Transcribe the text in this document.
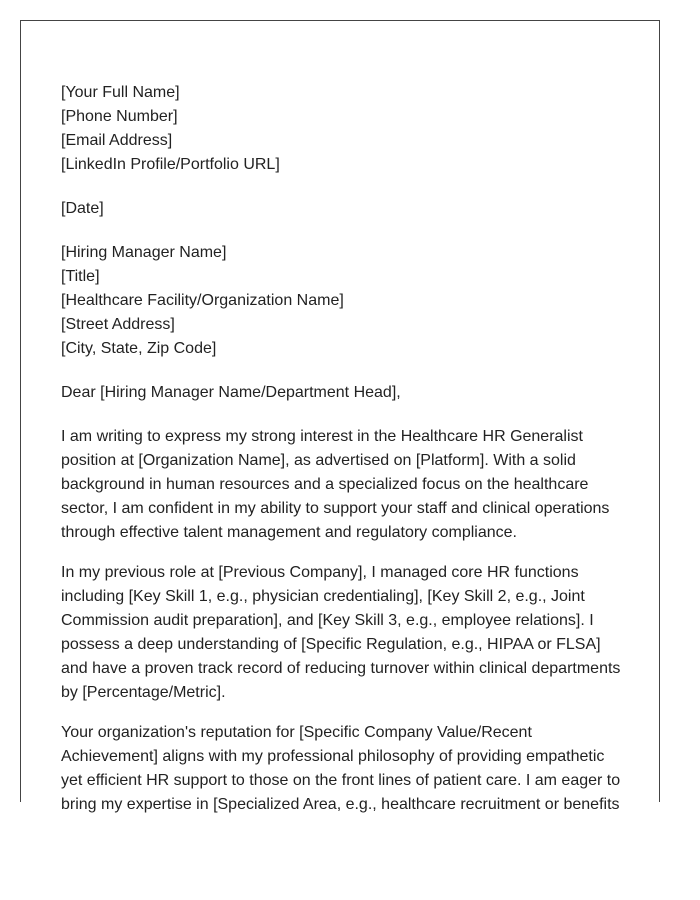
[Your Full Name]
[Phone Number]
[Email Address]
[LinkedIn Profile/Portfolio URL]
[Date]
[Hiring Manager Name]
[Title]
[Healthcare Facility/Organization Name]
[Street Address]
[City, State, Zip Code]
Dear [Hiring Manager Name/Department Head],

I am writing to express my strong interest in the Healthcare HR Generalist position at [Organization Name], as advertised on [Platform]. With a solid background in human resources and a specialized focus on the healthcare sector, I am confident in my ability to support your staff and clinical operations through effective talent management and regulatory compliance.

In my previous role at [Previous Company], I managed core HR functions including [Key Skill 1, e.g., physician credentialing], [Key Skill 2, e.g., Joint Commission audit preparation], and [Key Skill 3, e.g., employee relations]. I possess a deep understanding of [Specific Regulation, e.g., HIPAA or FLSA] and have a proven track record of reducing turnover within clinical departments by [Percentage/Metric].

Your organization's reputation for [Specific Company Value/Recent Achievement] aligns with my professional philosophy of providing empathetic yet efficient HR support to those on the front lines of patient care. I am eager to bring my expertise in [Specialized Area, e.g., healthcare recruitment or benefits
